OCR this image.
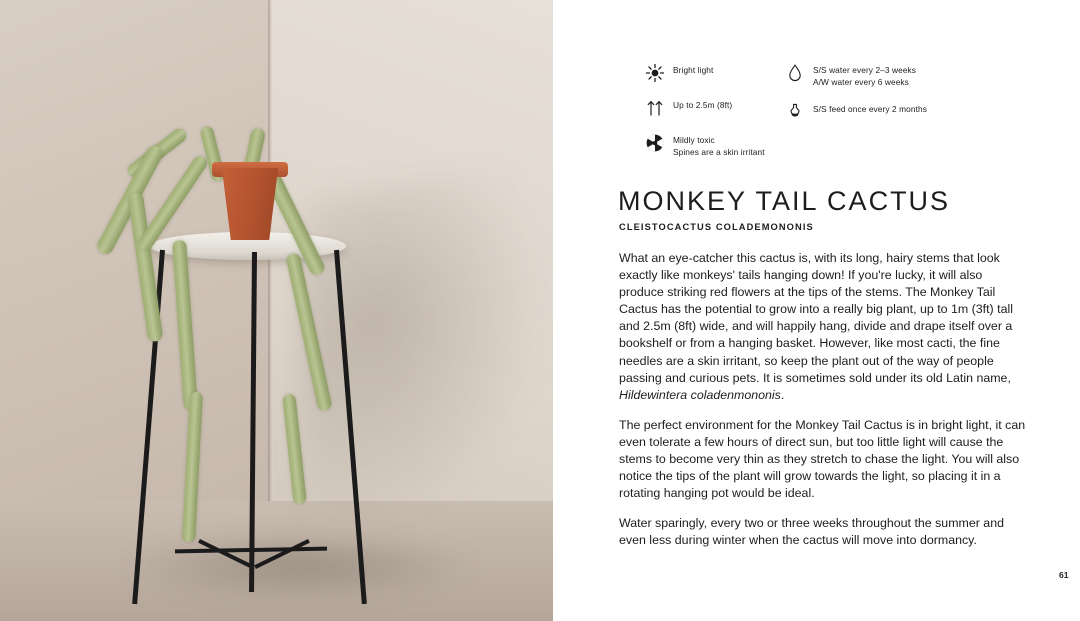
Bright light
Up to 2.5m (8ft)
Mildly toxic
Spines are a skin irritant
S/S water every 2–3 weeks
A/W water every 6 weeks
S/S feed once every 2 months
MONKEY TAIL CACTUS
CLEISTOCACTUS COLADEMONONIS

What an eye-catcher this cactus is, with its long, hairy stems that look exactly like monkeys' tails hanging down! If you're lucky, it will also produce striking red flowers at the tips of the stems. The Monkey Tail Cactus has the potential to grow into a really big plant, up to 1m (3ft) tall and 2.5m (8ft) wide, and will happily hang, divide and drape itself over a bookshelf or from a hanging basket. However, like most cacti, the fine needles are a skin irritant, so keep the plant out of the way of people passing and curious pets. It is sometimes sold under its old Latin name, Hildewintera coladenmononis.

The perfect environment for the Monkey Tail Cactus is in bright light, it can even tolerate a few hours of direct sun, but too little light will cause the stems to become very thin as they stretch to chase the light. You will also notice the tips of the plant will grow towards the light, so placing it in a rotating hanging pot would be ideal.

Water sparingly, every two or three weeks throughout the summer and even less during winter when the cactus will move into dormancy.

61
